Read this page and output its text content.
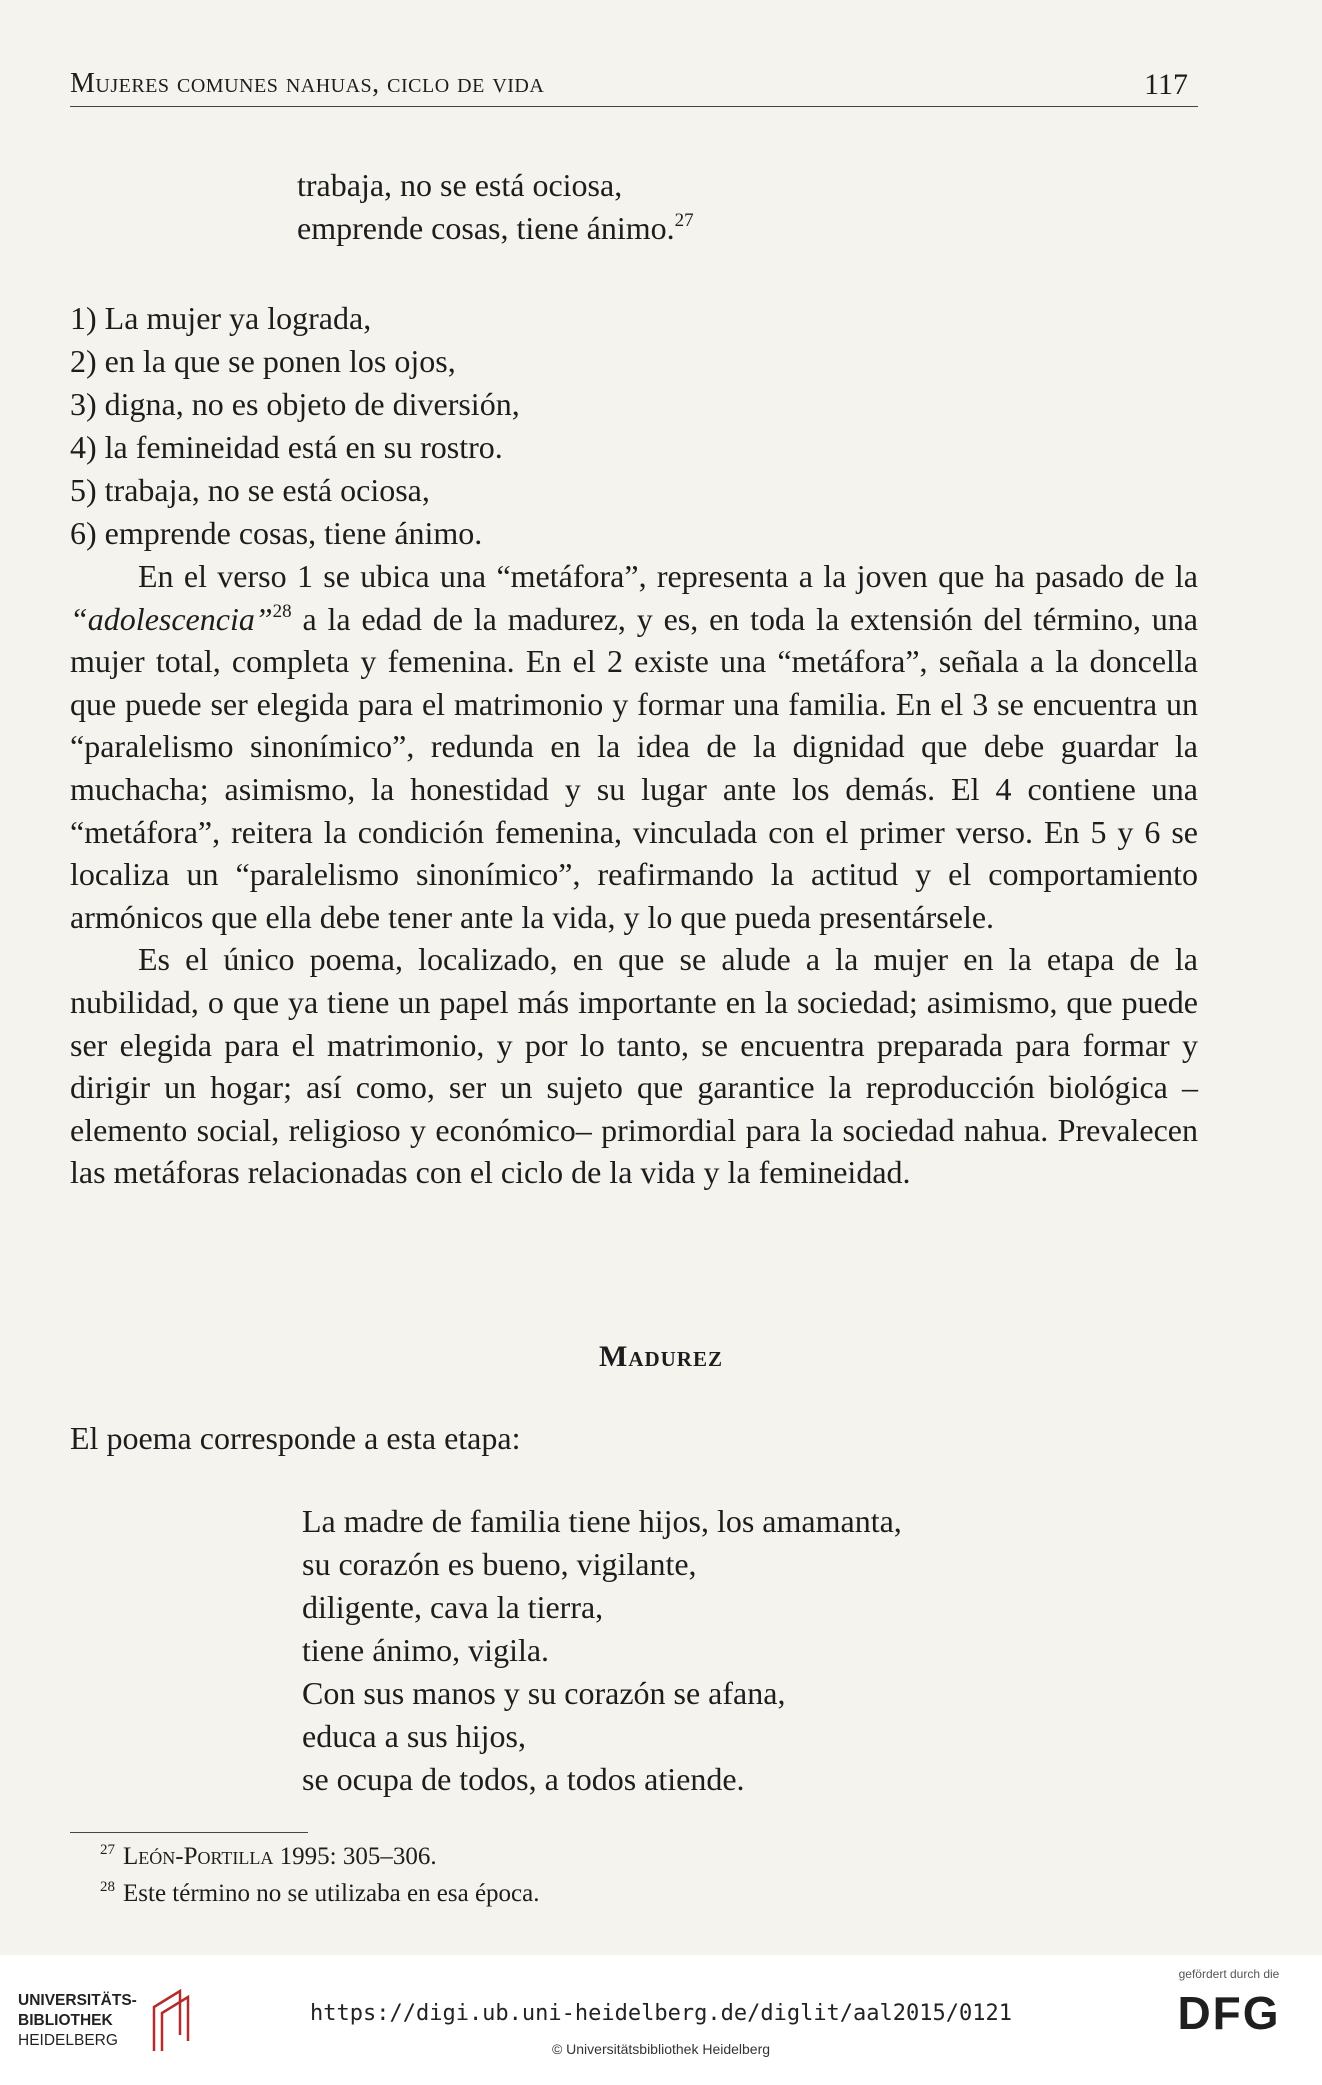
Mujeres comunes nahuas, ciclo de vida	117
trabaja, no se está ociosa,
emprende cosas, tiene ánimo.$^{27}$
1) La mujer ya lograda,
2) en la que se ponen los ojos,
3) digna, no es objeto de diversión,
4) la femineidad está en su rostro.
5) trabaja, no se está ociosa,
6) emprende cosas, tiene ánimo.

En el verso 1 se ubica una “metáfora”, representa a la joven que ha pasado de la “adolescencia”$^{28}$ a la edad de la madurez, y es, en toda la extensión del término, una mujer total, completa y femenina. En el 2 existe una “metáfora”, señala a la doncella que puede ser elegida para el matrimonio y formar una familia. En el 3 se encuentra un “paralelismo sinonímico”, redunda en la idea de la dignidad que debe guardar la muchacha; asimismo, la honestidad y su lugar ante los demás. El 4 contiene una “metáfora”, reitera la condición femenina, vinculada con el primer verso. En 5 y 6 se localiza un “paralelismo sinonímico”, reafirmando la actitud y el comportamiento armónicos que ella debe tener ante la vida, y lo que pueda presentársele.

Es el único poema, localizado, en que se alude a la mujer en la etapa de la nubilidad, o que ya tiene un papel más importante en la sociedad; asimismo, que puede ser elegida para el matrimonio, y por lo tanto, se encuentra preparada para formar y dirigir un hogar; así como, ser un sujeto que garantice la reproducción biológica –elemento social, religioso y económico– primordial para la sociedad nahua. Prevalecen las metáforas relacionadas con el ciclo de la vida y la femineidad.

Madurez
El poema corresponde a esta etapa:
La madre de familia tiene hijos, los amamanta,
su corazón es bueno, vigilante,
diligente, cava la tierra,
tiene ánimo, vigila.
Con sus manos y su corazón se afana,
educa a sus hijos,
se ocupa de todos, a todos atiende.
$^{27}$ León-Portilla 1995: 305–306.
$^{28}$ Este término no se utilizaba en esa época.
UNIVERSITÄTS-
BIBLIOTHEK
HEIDELBERG
https://digi.ub.uni-heidelberg.de/diglit/aal2015/0121
© Universitätsbibliothek Heidelberg
gefördert durch die
DFG
